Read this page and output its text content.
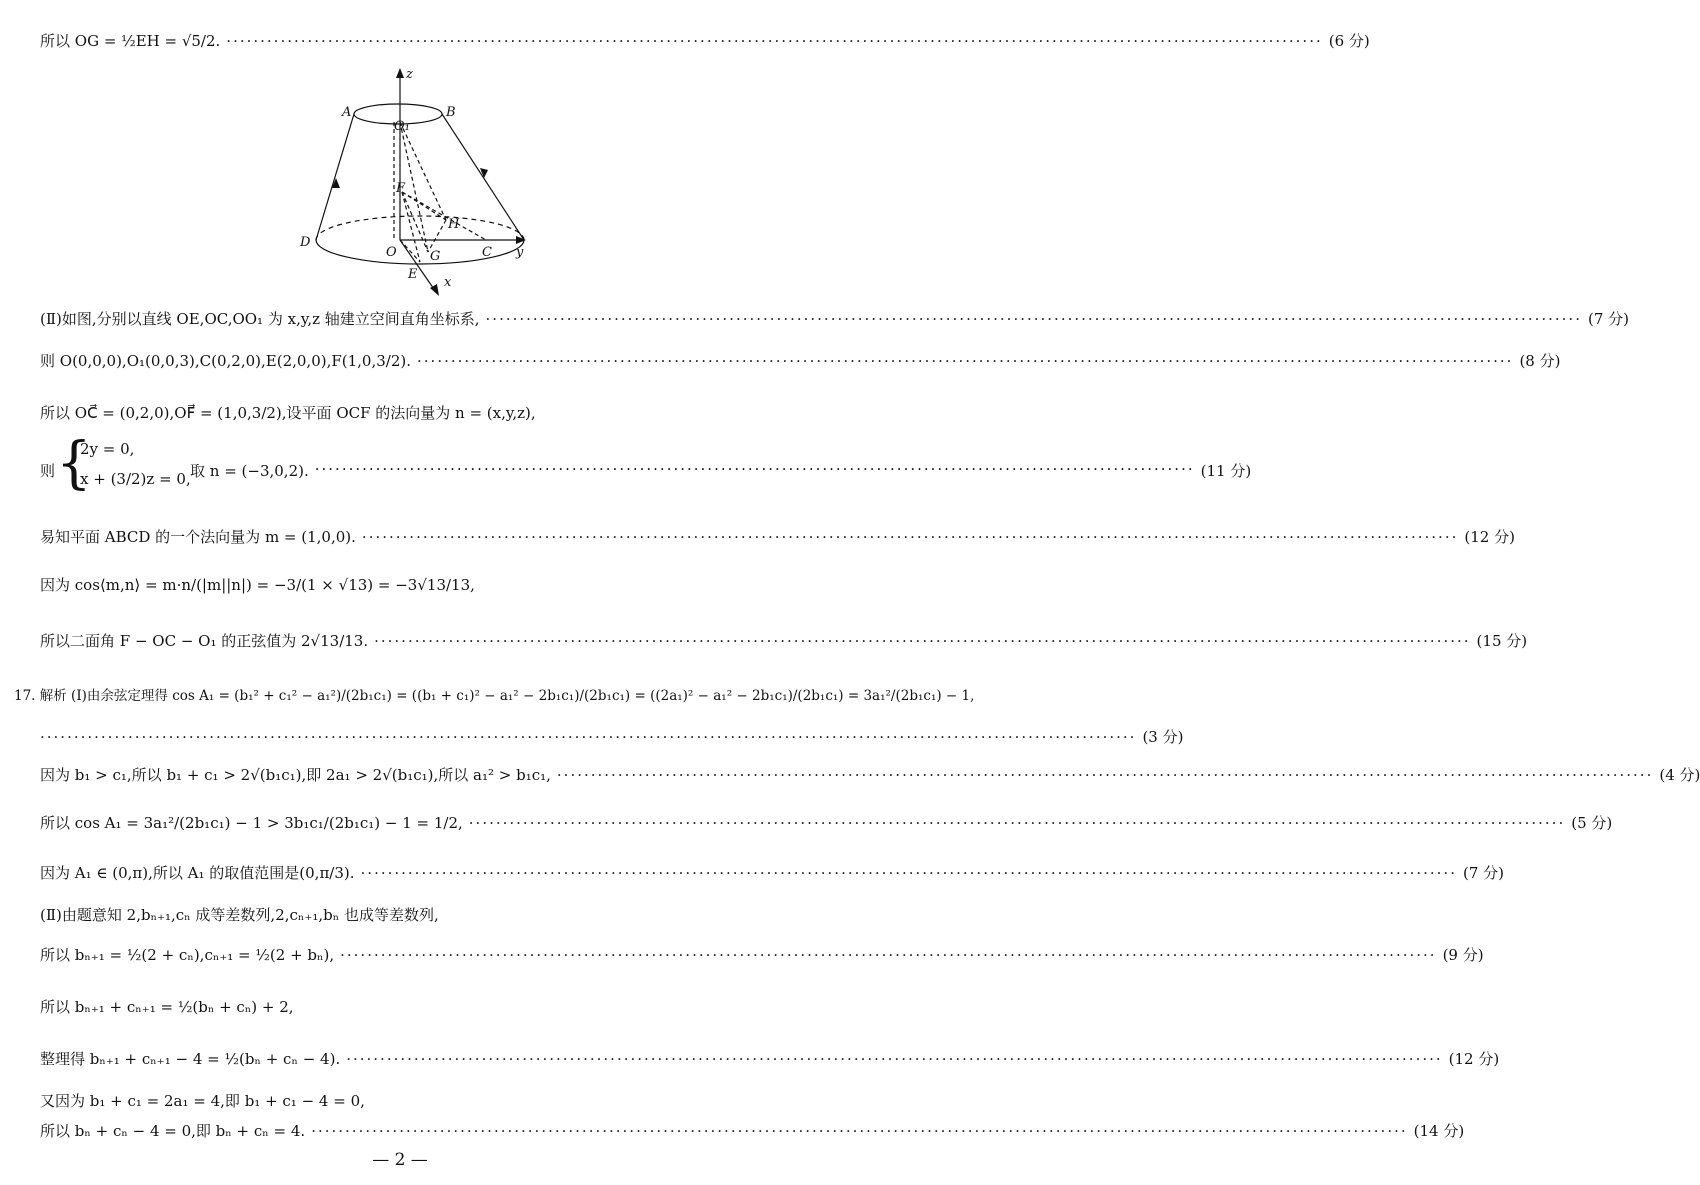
所以 OG = ½EH = √5/2. ·····	(6 分)
A	B
O₁
F
H
D
O	G	C
E
x
y
z
(Ⅱ)如图,分别以直线 OE,OC,OO₁ 为 x,y,z 轴建立空间直角坐标系, ·····	(7 分)
则 O(0,0,0),O₁(0,0,3),C(0,2,0),E(2,0,0),F(1,0,3/2). ·····	(8 分)
所以 OC⃗ = (0,2,0),OF⃗ = (1,0,3/2),设平面 OCF 的法向量为 n = (x,y,z),
则 {
2y = 0,
x + (3/2)z = 0, 取 n = (−3,0,2). ·····	(11 分)
易知平面 ABCD 的一个法向量为 m = (1,0,0). ·····	(12 分)
因为 cos⟨m,n⟩ = m·n/(|m||n|) = −3/(1 × √13) = −3√13/13,
所以二面角 F − OC − O₁ 的正弦值为 2√13/13. ·····	(15 分)
17. 解析 (Ⅰ)由余弦定理得 cos A₁ = (b₁² + c₁² − a₁²)/(2b₁c₁) = ((b₁ + c₁)² − a₁² − 2b₁c₁)/(2b₁c₁) = ((2a₁)² − a₁² − 2b₁c₁)/(2b₁c₁) = 3a₁²/(2b₁c₁) − 1,
·····
(3 分)
因为 b₁ > c₁,所以 b₁ + c₁ > 2√(b₁c₁),即 2a₁ > 2√(b₁c₁),所以 a₁² > b₁c₁, ·····	(4 分)
所以 cos A₁ = 3a₁²/(2b₁c₁) − 1 > 3b₁c₁/(2b₁c₁) − 1 = 1/2, ·····	(5 分)
因为 A₁ ∈ (0,π),所以 A₁ 的取值范围是(0,π/3). ·····	(7 分)
(Ⅱ)由题意知 2,bₙ₊₁,cₙ 成等差数列,2,cₙ₊₁,bₙ 也成等差数列,
所以 bₙ₊₁ = ½(2 + cₙ),cₙ₊₁ = ½(2 + bₙ), ·····	(9 分)
所以 bₙ₊₁ + cₙ₊₁ = ½(bₙ + cₙ) + 2,
整理得 bₙ₊₁ + cₙ₊₁ − 4 = ½(bₙ + cₙ − 4). ·····	(12 分)
又因为 b₁ + c₁ = 2a₁ = 4,即 b₁ + c₁ − 4 = 0,
所以 bₙ + cₙ − 4 = 0,即 bₙ + cₙ = 4. ·····	(14 分)
— 2 —
